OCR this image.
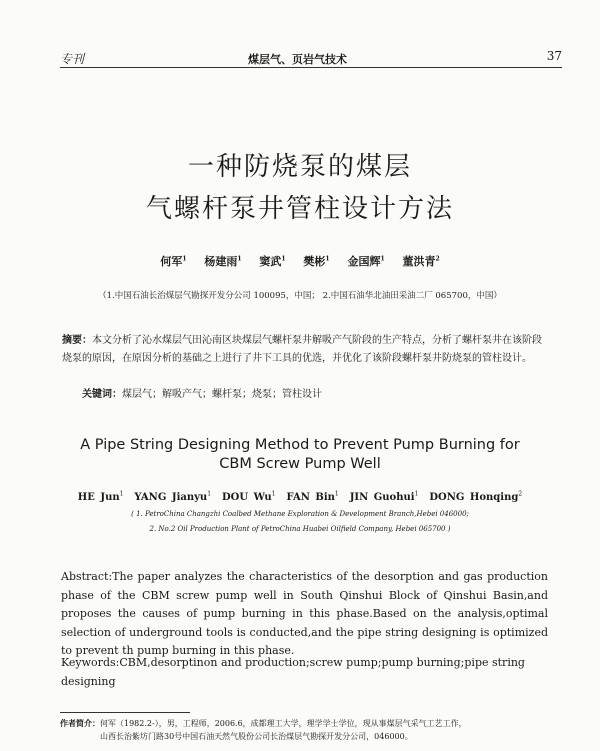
专刊	煤层气、页岩气技术	37
一种防烧泵的煤层
气螺杆泵井管柱设计方法
何军$^1$ 杨建雨$^1$ 窦武$^1$ 樊彬$^1$ 金国辉$^1$ 董洪青$^2$
（1.中国石油长治煤层气勘探开发分公司 100095，中国； 2.中国石油华北油田采油二厂 065700，中国）
摘要：本文分析了沁水煤层气田沁南区块煤层气螺杆泵井解吸产气阶段的生产特点，分析了螺杆泵井在该阶段烧泵的原因，在原因分析的基础之上进行了井下工具的优选，并优化了该阶段螺杆泵井防烧泵的管柱设计。
关键词：煤层气；解吸产气；螺杆泵；烧泵；管柱设计
A Pipe String Designing Method to Prevent Pump Burning for
CBM Screw Pump Well
HE Jun$^1$ YANG Jianyu$^1$ DOU Wu$^1$ FAN Bin$^1$ JIN Guohui$^1$ DONG Honqing$^2$
( 1. PetroChina Changzhi Coalbed Methane Exploration & Development Branch,Hebei 046000;
2. No.2 Oil Production Plant of PetroChina Huabei Oilfield Company, Hebei 065700 )
Abstract:The paper analyzes the characteristics of the desorption and gas production phase of the CBM screw pump well in South Qinshui Block of Qinshui Basin,and proposes the causes of pump burning in this phase.Based on the analysis,optimal selection of underground tools is conducted,and the pipe string designing is optimized to prevent th pump burning in this phase.
Keywords:CBM,desorptinon and production;screw pump;pump burning;pipe string designing
作者简介：何军（1982.2-），男，工程师，2006.6，成都理工大学，理学学士学位，现从事煤层气采气工艺工作，
山西长治紫坊门路30号中国石油天然气股份公司长治煤层气勘探开发分公司，046000。
